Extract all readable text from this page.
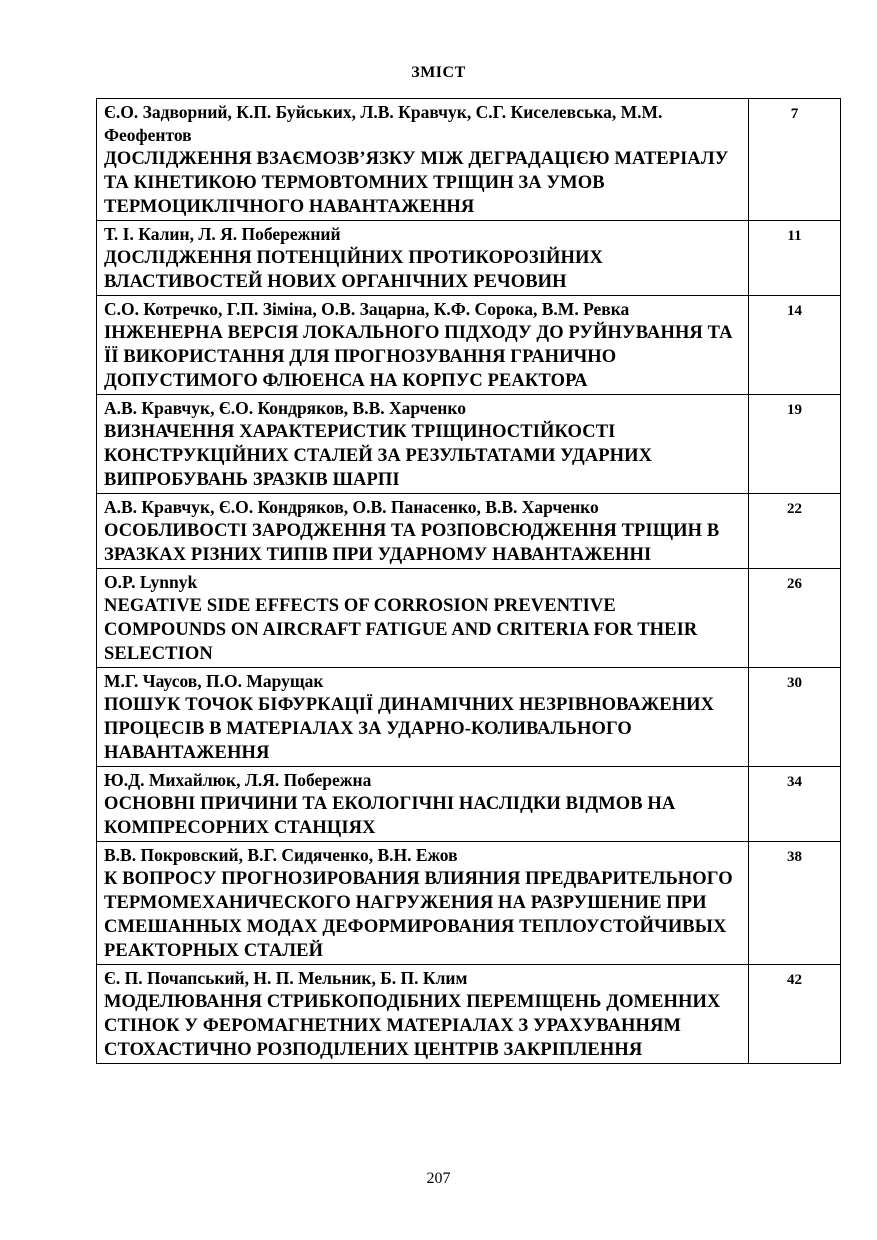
ЗМІСТ
Є.О. Задворний, К.П. Буйських, Л.В. Кравчук, С.Г. Киселевська, М.М. Феофентов
ДОСЛІДЖЕННЯ ВЗАЄМОЗВ’ЯЗКУ МІЖ ДЕГРАДАЦІЄЮ МАТЕРІАЛУ ТА КІНЕТИКОЮ ТЕРМОВТОМНИХ ТРІЩИН ЗА УМОВ ТЕРМОЦИКЛІЧНОГО НАВАНТАЖЕННЯ	7

Т. І. Калин, Л. Я. Побережний
ДОСЛІДЖЕННЯ ПОТЕНЦІЙНИХ ПРОТИКОРОЗІЙНИХ ВЛАСТИВОСТЕЙ НОВИХ ОРГАНІЧНИХ РЕЧОВИН	11

С.О. Котречко, Г.П. Зіміна, О.В. Зацарна, К.Ф. Сорока, В.М. Ревка
ІНЖЕНЕРНА ВЕРСІЯ ЛОКАЛЬНОГО ПІДХОДУ ДО РУЙНУВАННЯ ТА ЇЇ ВИКОРИСТАННЯ ДЛЯ ПРОГНОЗУВАННЯ ГРАНИЧНО ДОПУСТИМОГО ФЛЮЕНСА НА КОРПУС РЕАКТОРА	14

А.В. Кравчук, Є.О. Кондряков, В.В. Харченко
ВИЗНАЧЕННЯ ХАРАКТЕРИСТИК ТРІЩИНОСТІЙКОСТІ КОНСТРУКЦІЙНИХ СТАЛЕЙ ЗА РЕЗУЛЬТАТАМИ УДАРНИХ ВИПРОБУВАНЬ ЗРАЗКІВ ШАРПІ	19

А.В. Кравчук, Є.О. Кондряков, О.В. Панасенко, В.В. Харченко
ОСОБЛИВОСТІ ЗАРОДЖЕННЯ ТА РОЗПОВСЮДЖЕННЯ ТРІЩИН В ЗРАЗКАХ РІЗНИХ ТИПІВ ПРИ УДАРНОМУ НАВАНТАЖЕННІ	22

O.P. Lynnyk
NEGATIVE SIDE EFFECTS OF CORROSION PREVENTIVE COMPOUNDS ON AIRCRAFT FATIGUE AND CRITERIA FOR THEIR SELECTION	26

М.Г. Чаусов, П.О. Марущак
ПОШУК ТОЧОК БІФУРКАЦІЇ ДИНАМІЧНИХ НЕЗРІВНОВАЖЕНИХ ПРОЦЕСІВ В МАТЕРІАЛАХ ЗА УДАРНО-КОЛИВАЛЬНОГО НАВАНТАЖЕННЯ	30

Ю.Д. Михайлюк, Л.Я. Побережна
ОСНОВНІ ПРИЧИНИ ТА ЕКОЛОГІЧНІ НАСЛІДКИ ВІДМОВ НА КОМПРЕСОРНИХ СТАНЦІЯХ	34

В.В. Покровский, В.Г. Сидяченко, В.Н. Ежов
К ВОПРОСУ ПРОГНОЗИРОВАНИЯ ВЛИЯНИЯ ПРЕДВАРИТЕЛЬНОГО ТЕРМОМЕХАНИЧЕСКОГО НАГРУЖЕНИЯ НА РАЗРУШЕНИЕ ПРИ СМЕШАННЫХ МОДАХ ДЕФОРМИРОВАНИЯ ТЕПЛОУСТОЙЧИВЫХ РЕАКТОРНЫХ СТАЛЕЙ	38

Є. П. Почапський, Н. П. Мельник, Б. П. Клим
МОДЕЛЮВАННЯ СТРИБКОПОДІБНИХ ПЕРЕМІЩЕНЬ ДОМЕННИХ СТІНОК У ФЕРОМАГНЕТНИХ МАТЕРІАЛАХ З УРАХУВАННЯМ СТОХАСТИЧНО РОЗПОДІЛЕНИХ ЦЕНТРІВ ЗАКРІПЛЕННЯ	42
207
